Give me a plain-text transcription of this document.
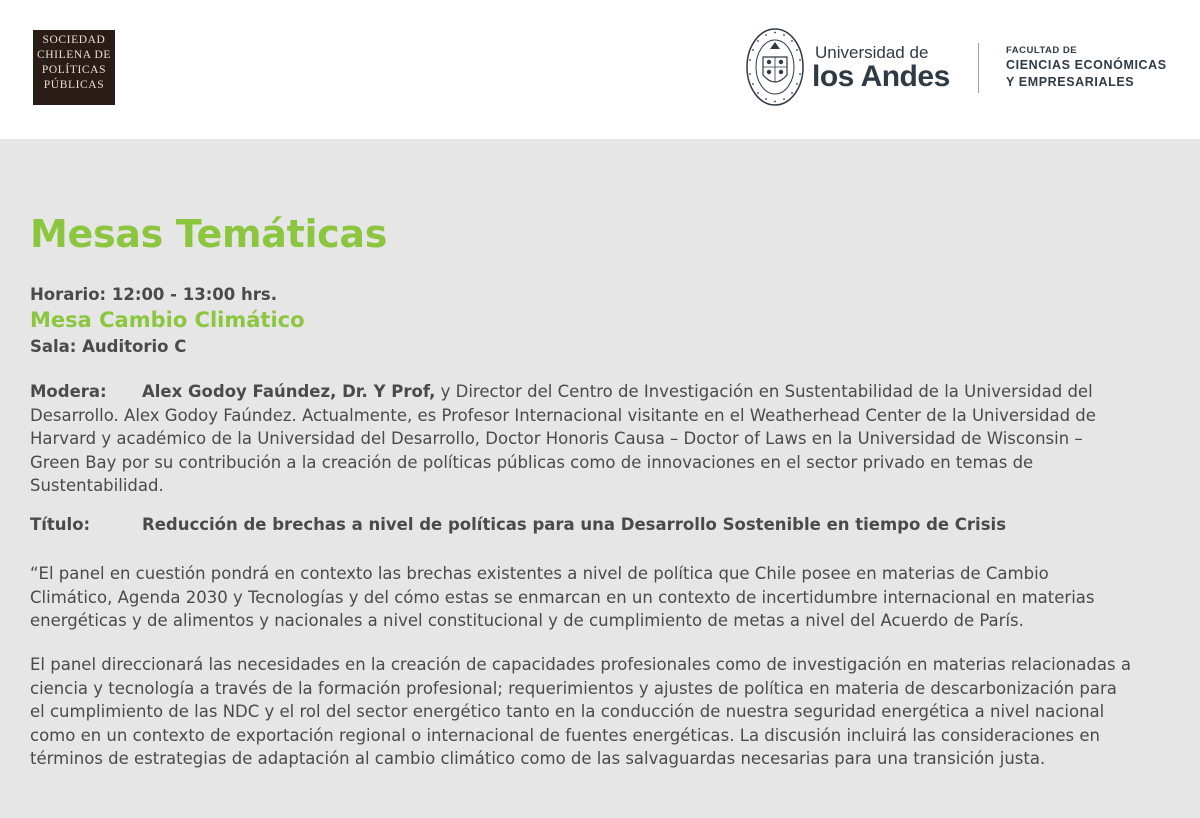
SOCIEDAD
CHILENA DE
POLÍTICAS
PÚBLICAS
Universidad de
los Andes
FACULTAD DE
CIENCIAS ECONÓMICAS
Y EMPRESARIALES
Mesas Temáticas
Horario: 12:00 - 13:00 hrs.
Mesa Cambio Climático
Sala: Auditorio C
Modera: Alex Godoy Faúndez, Dr. Y Prof, y Director del Centro de Investigación en Sustentabilidad de la Universidad del Desarrollo. Alex Godoy Faúndez. Actualmente, es Profesor Internacional visitante en el Weatherhead Center de la Universidad de Harvard y académico de la Universidad del Desarrollo, Doctor Honoris Causa – Doctor of Laws en la Universidad de Wisconsin – Green Bay por su contribución a la creación de políticas públicas como de innovaciones en el sector privado en temas de Sustentabilidad.
Título:	Reducción de brechas a nivel de políticas para una Desarrollo Sostenible en tiempo de Crisis
“El panel en cuestión pondrá en contexto las brechas existentes a nivel de política que Chile posee en materias de Cambio Climático, Agenda 2030 y Tecnologías y del cómo estas se enmarcan en un contexto de incertidumbre internacional en materias energéticas y de alimentos y nacionales a nivel constitucional y de cumplimiento de metas a nivel del Acuerdo de París.
El panel direccionará las necesidades en la creación de capacidades profesionales como de investigación en materias relacionadas a ciencia y tecnología a través de la formación profesional; requerimientos y ajustes de política en materia de descarbonización para el cumplimiento de las NDC y el rol del sector energético tanto en la conducción de nuestra seguridad energética a nivel nacional como en un contexto de exportación regional o internacional de fuentes energéticas. La discusión incluirá las consideraciones en términos de estrategias de adaptación al cambio climático como de las salvaguardas necesarias para una transición justa.
